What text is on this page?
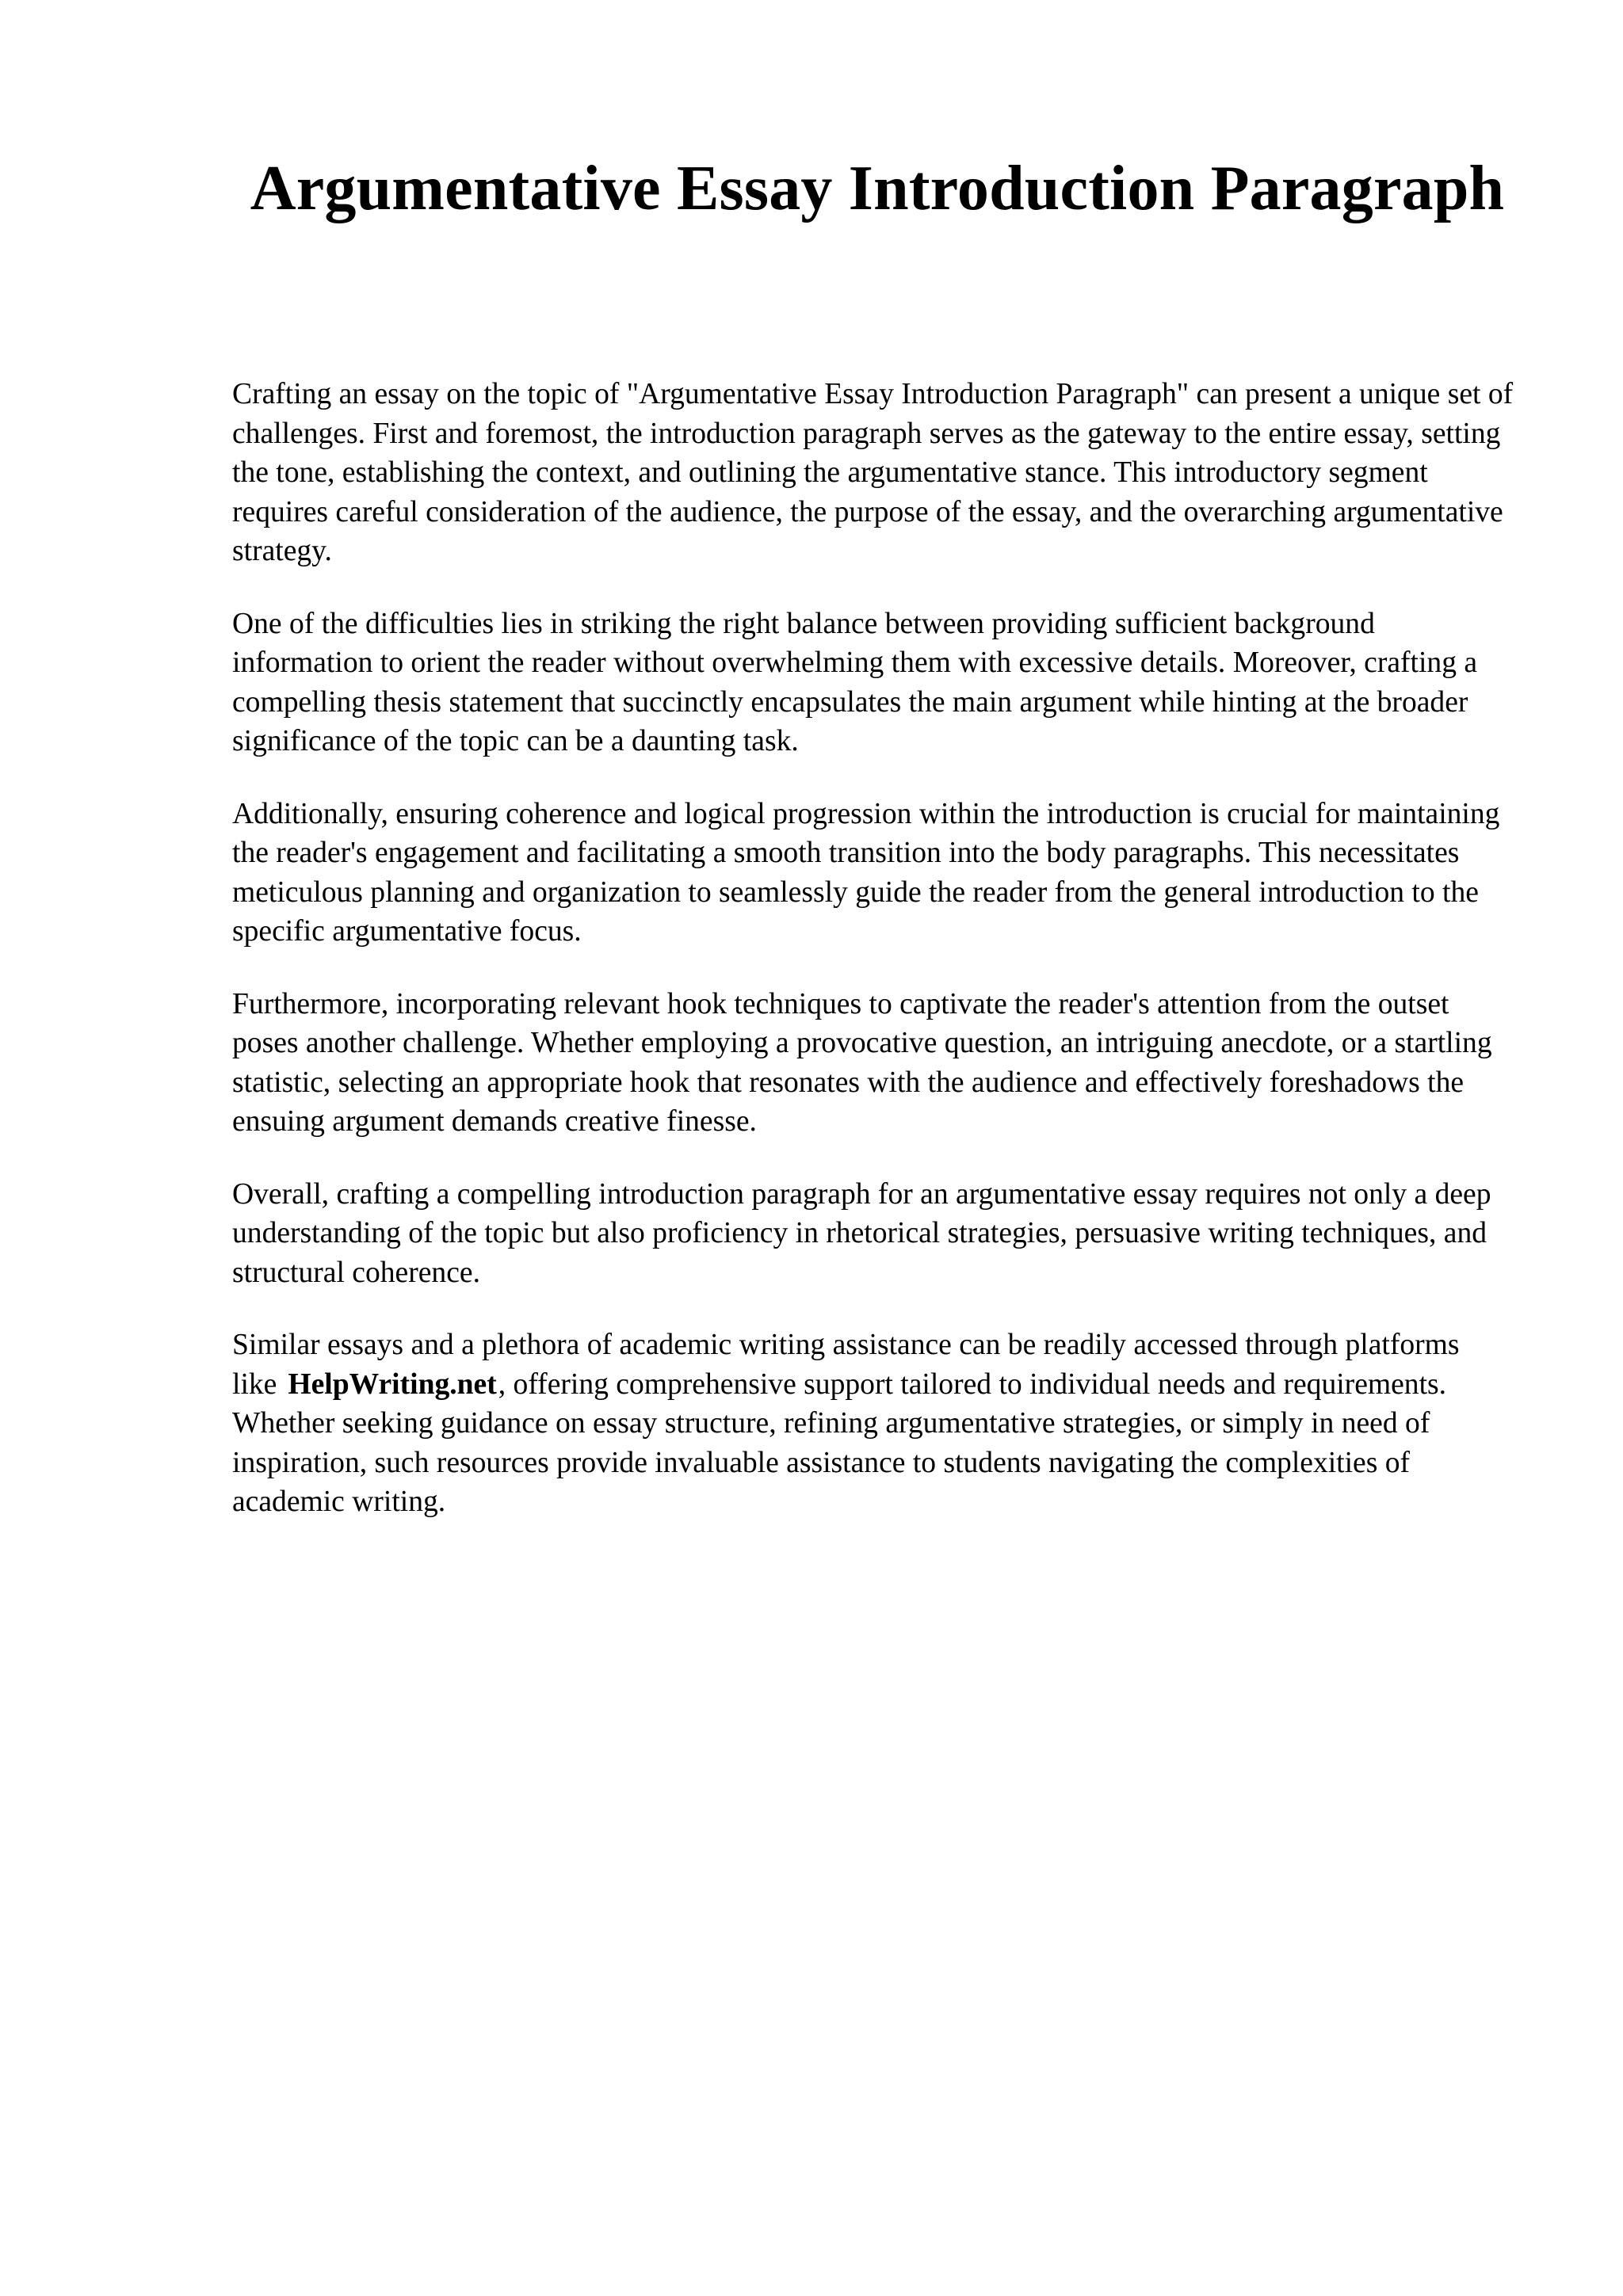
Argumentative Essay Introduction Paragraph

Crafting an essay on the topic of "Argumentative Essay Introduction Paragraph" can present a unique set of challenges. First and foremost, the introduction paragraph serves as the gateway to the entire essay, setting the tone, establishing the context, and outlining the argumentative stance. This introductory segment requires careful consideration of the audience, the purpose of the essay, and the overarching argumentative strategy.

One of the difficulties lies in striking the right balance between providing sufficient background information to orient the reader without overwhelming them with excessive details. Moreover, crafting a compelling thesis statement that succinctly encapsulates the main argument while hinting at the broader significance of the topic can be a daunting task.

Additionally, ensuring coherence and logical progression within the introduction is crucial for maintaining the reader's engagement and facilitating a smooth transition into the body paragraphs. This necessitates meticulous planning and organization to seamlessly guide the reader from the general introduction to the specific argumentative focus.

Furthermore, incorporating relevant hook techniques to captivate the reader's attention from the outset poses another challenge. Whether employing a provocative question, an intriguing anecdote, or a startling statistic, selecting an appropriate hook that resonates with the audience and effectively foreshadows the ensuing argument demands creative finesse.

Overall, crafting a compelling introduction paragraph for an argumentative essay requires not only a deep understanding of the topic but also proficiency in rhetorical strategies, persuasive writing techniques, and structural coherence.

Similar essays and a plethora of academic writing assistance can be readily accessed through platforms like HelpWriting.net, offering comprehensive support tailored to individual needs and requirements. Whether seeking guidance on essay structure, refining argumentative strategies, or simply in need of inspiration, such resources provide invaluable assistance to students navigating the complexities of academic writing.
